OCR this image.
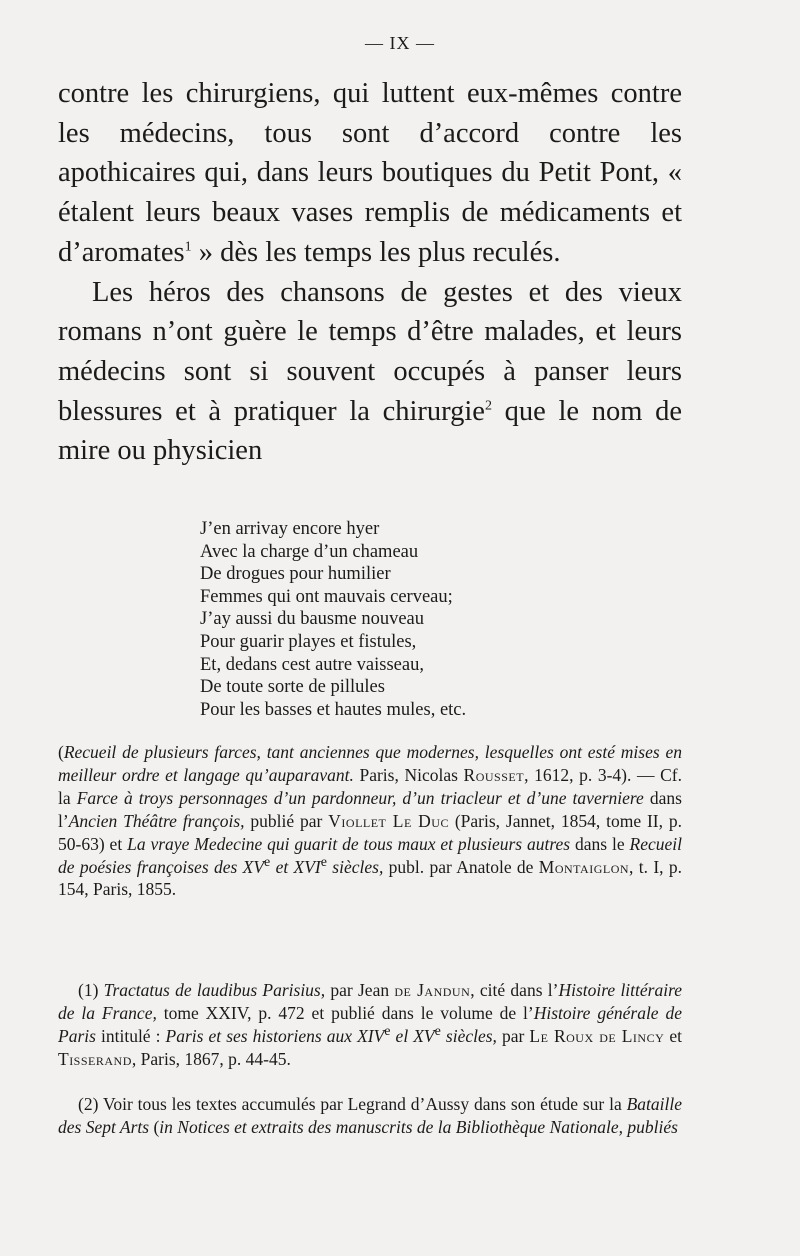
— IX —

contre les chirurgiens, qui luttent eux-mêmes contre les médecins, tous sont d’accord contre les apothicaires qui, dans leurs boutiques du Petit Pont, « étalent leurs beaux vases remplis de médicaments et d’aromates$^1$ » dès les temps les plus reculés.

Les héros des chansons de gestes et des vieux romans n’ont guère le temps d’être malades, et leurs médecins sont si souvent occupés à panser leurs blessures et à pratiquer la chirurgie$^2$ que le nom de mire ou physicien

J’en arrivay encore hyer
Avec la charge d’un chameau
De drogues pour humilier
Femmes qui ont mauvais cerveau;
J’ay aussi du bausme nouveau
Pour guarir playes et fistules,
Et, dedans cest autre vaisseau,
De toute sorte de pillules
Pour les basses et hautes mules, etc.

(Recueil de plusieurs farces, tant anciennes que modernes, lesquelles ont esté mises en meilleur ordre et langage qu’auparavant. Paris, Nicolas Rousset, 1612, p. 3-4). — Cf. la Farce à troys personnages d’un pardonneur, d’un triacleur et d’une taverniere dans l’Ancien Théâtre françois, publié par Viollet Le Duc (Paris, Jannet, 1854, tome II, p. 50-63) et La vraye Medecine qui guarit de tous maux et plusieurs autres dans le Recueil de poésies françoises des XVe et XVIe siècles, publ. par Anatole de Montaiglon, t. I, p. 154, Paris, 1855.

(1) Tractatus de laudibus Parisius, par Jean de Jandun, cité dans l’Histoire littéraire de la France, tome XXIV, p. 472 et publié dans le volume de l’Histoire générale de Paris intitulé : Paris et ses historiens aux XIVe el XVe siècles, par Le Roux de Lincy et Tisserand, Paris, 1867, p. 44-45.

(2) Voir tous les textes accumulés par Legrand d’Aussy dans son étude sur la Bataille des Sept Arts (in Notices et extraits des manuscrits de la Bibliothèque Nationale, publiés
